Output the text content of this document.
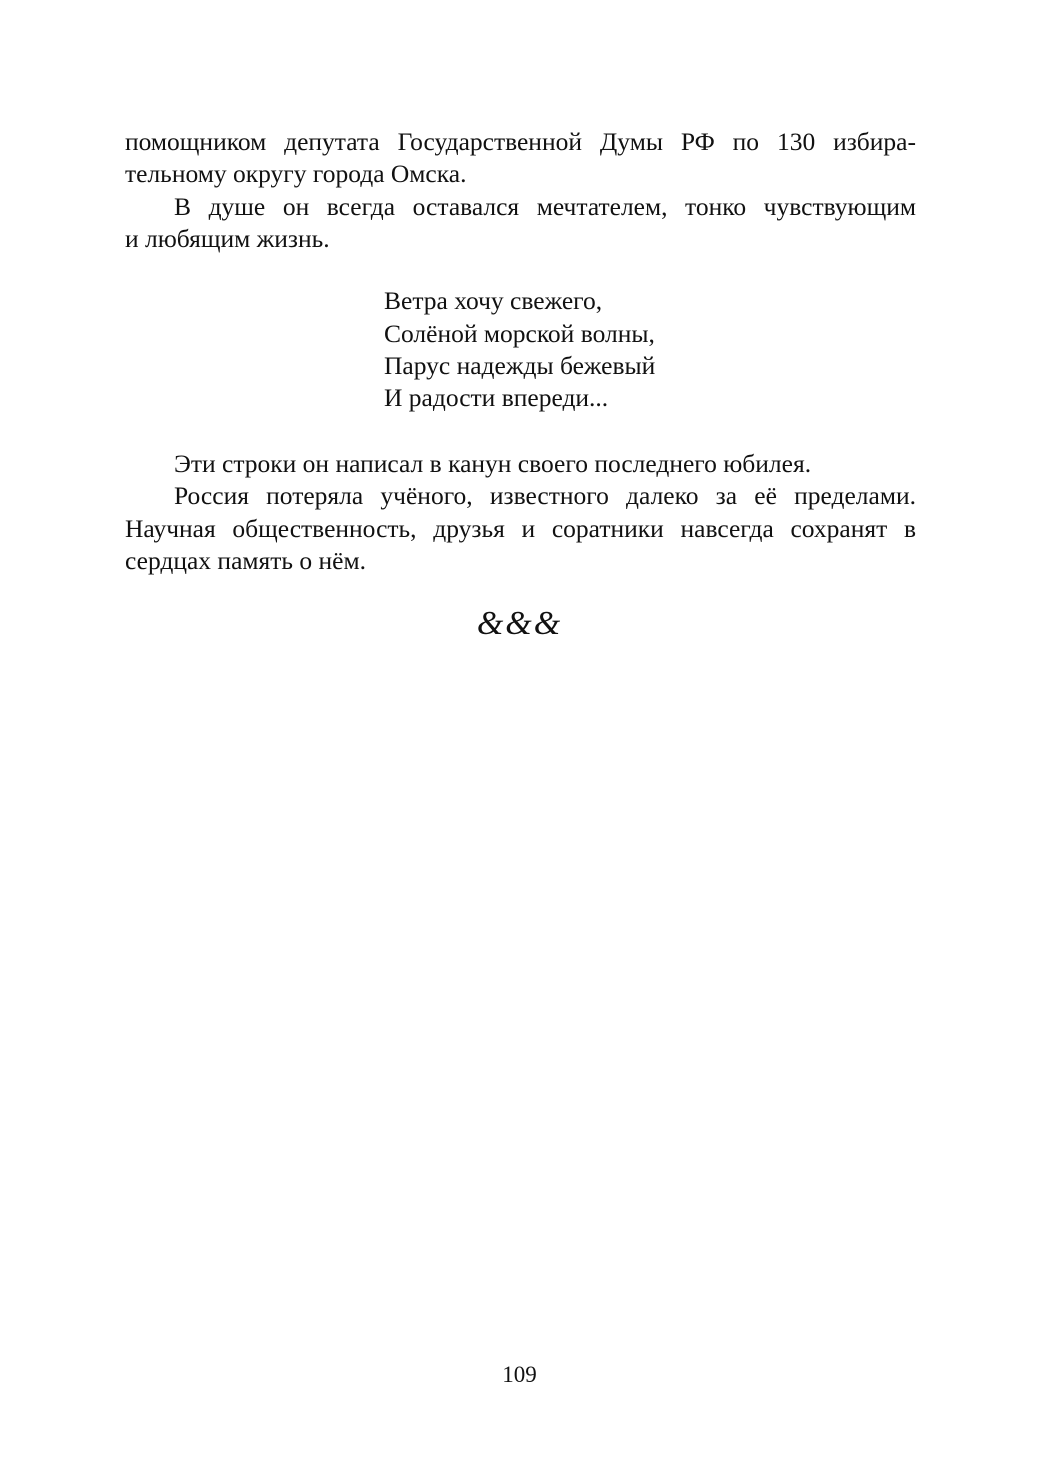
помощником депутата Государственной Думы РФ по 130 избира-
тельному округу города Омска.
В душе он всегда оставался мечтателем, тонко чувствующим
и любящим жизнь.
Ветра хочу свежего,
Солёной морской волны,
Парус надежды бежевый
И радости впереди...
Эти строки он написал в канун своего последнего юбилея.
Россия потеряла учёного, известного далеко за её пределами.
Научная общественность, друзья и соратники навсегда сохранят в
сердцах память о нём.
&&&
109
